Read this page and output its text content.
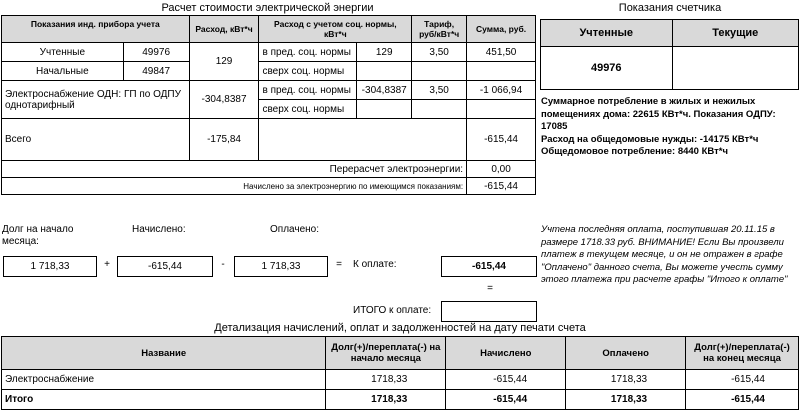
Расчет стоимости электрической энергии	Показания счетчика
Показания инд. прибора учета		Расход, кВт*ч	Расход с учетом соц. нормы, кВт*ч		Тариф, руб/кВт*ч	Сумма, руб.
Учтенные	49976	129	в пред. соц. нормы	129	3,50	451,50
Начальные	49847		сверх соц. нормы			
Электроснабжение ОДН: ГП по ОДПУ однотарифный		-304,8387	в пред. соц. нормы	-304,8387	3,50	-1 066,94
			сверх соц. нормы			
Всего		-175,84				-615,44
Перерасчет электроэнергии:						0,00
Начислено за электроэнергию по имеющимся показаниям:						-615,44
Учтенные	Текущие
49976	
Суммарное потребление в жилых и нежилых помещениях дома: 22615 КВт*ч. Показания ОДПУ: 17085
Расход на общедомовые нужды: -14175 КВт*ч
Общедомовое потребление: 8440 КВт*ч
Долг на начало месяца:
Начислено:	Оплачено:
1 718,33	+	-615,44	-	1 718,33	=	К оплате:	-615,44
=
ИТОГО к оплате:
Учтена последняя оплата, поступившая 20.11.15 в размере 1718.33 руб. ВНИМАНИЕ! Если Вы произвели платеж в текущем месяце, и он не отражен в графе "Оплачено" данного счета, Вы можете учесть сумму этого платежа при расчете графы "Итого к оплате"
Детализация начислений, оплат и задолженностей на дату печати счета
Название	Долг(+)/переплата(-) на начало месяца	Начислено	Оплачено	Долг(+)/переплата(-) на конец месяца
Электроснабжение	1718,33	-615,44	1718,33	-615,44
Итого	1718,33	-615,44	1718,33	-615,44
